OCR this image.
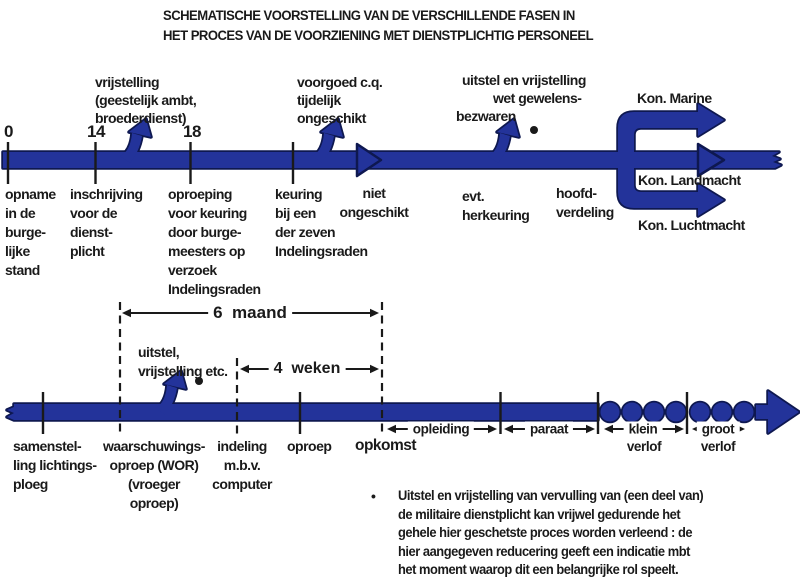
SCHEMATISCHE VOORSTELLING VAN DE VERSCHILLENDE FASEN IN
HET PROCES VAN DE VOORZIENING MET DIENSTPLICHTIG PERSONEEL
0	14	18
vrijstelling
(geestelijk ambt,
broederdienst)
voorgoed c.q.
tijdelijk
ongeschikt
uitstel en vrijstelling
wet gewelens-
bezwaren
Kon. Marine
opname
in de
burge-
lijke
stand
inschrijving
voor de
dienst-
plicht
oproeping
voor keuring
door burge-
meesters op
verzoek
Indelingsraden
keuring
bij een
der zeven
Indelingsraden
niet
ongeschikt
evt.
herkeuring
hoofd-
verdeling
Kon. Landmacht
Kon. Luchtmacht
6  maand
4  weken
uitstel,
vrijstelling etc.
samenstel-
ling lichtings-
ploeg
waarschuwings-
oproep (WOR)
(vroeger
oproep)
indeling
m.b.v.
computer
oproep opkomst
opleiding	paraat	klein
verlof
groot
verlof
• Uitstel en vrijstelling van vervulling van (een deel van)
de militaire dienstplicht kan vrijwel gedurende het
gehele hier geschetste proces worden verleend : de
hier aangegeven reducering geeft een indicatie mbt
het moment waarop dit een belangrijke rol speelt.
